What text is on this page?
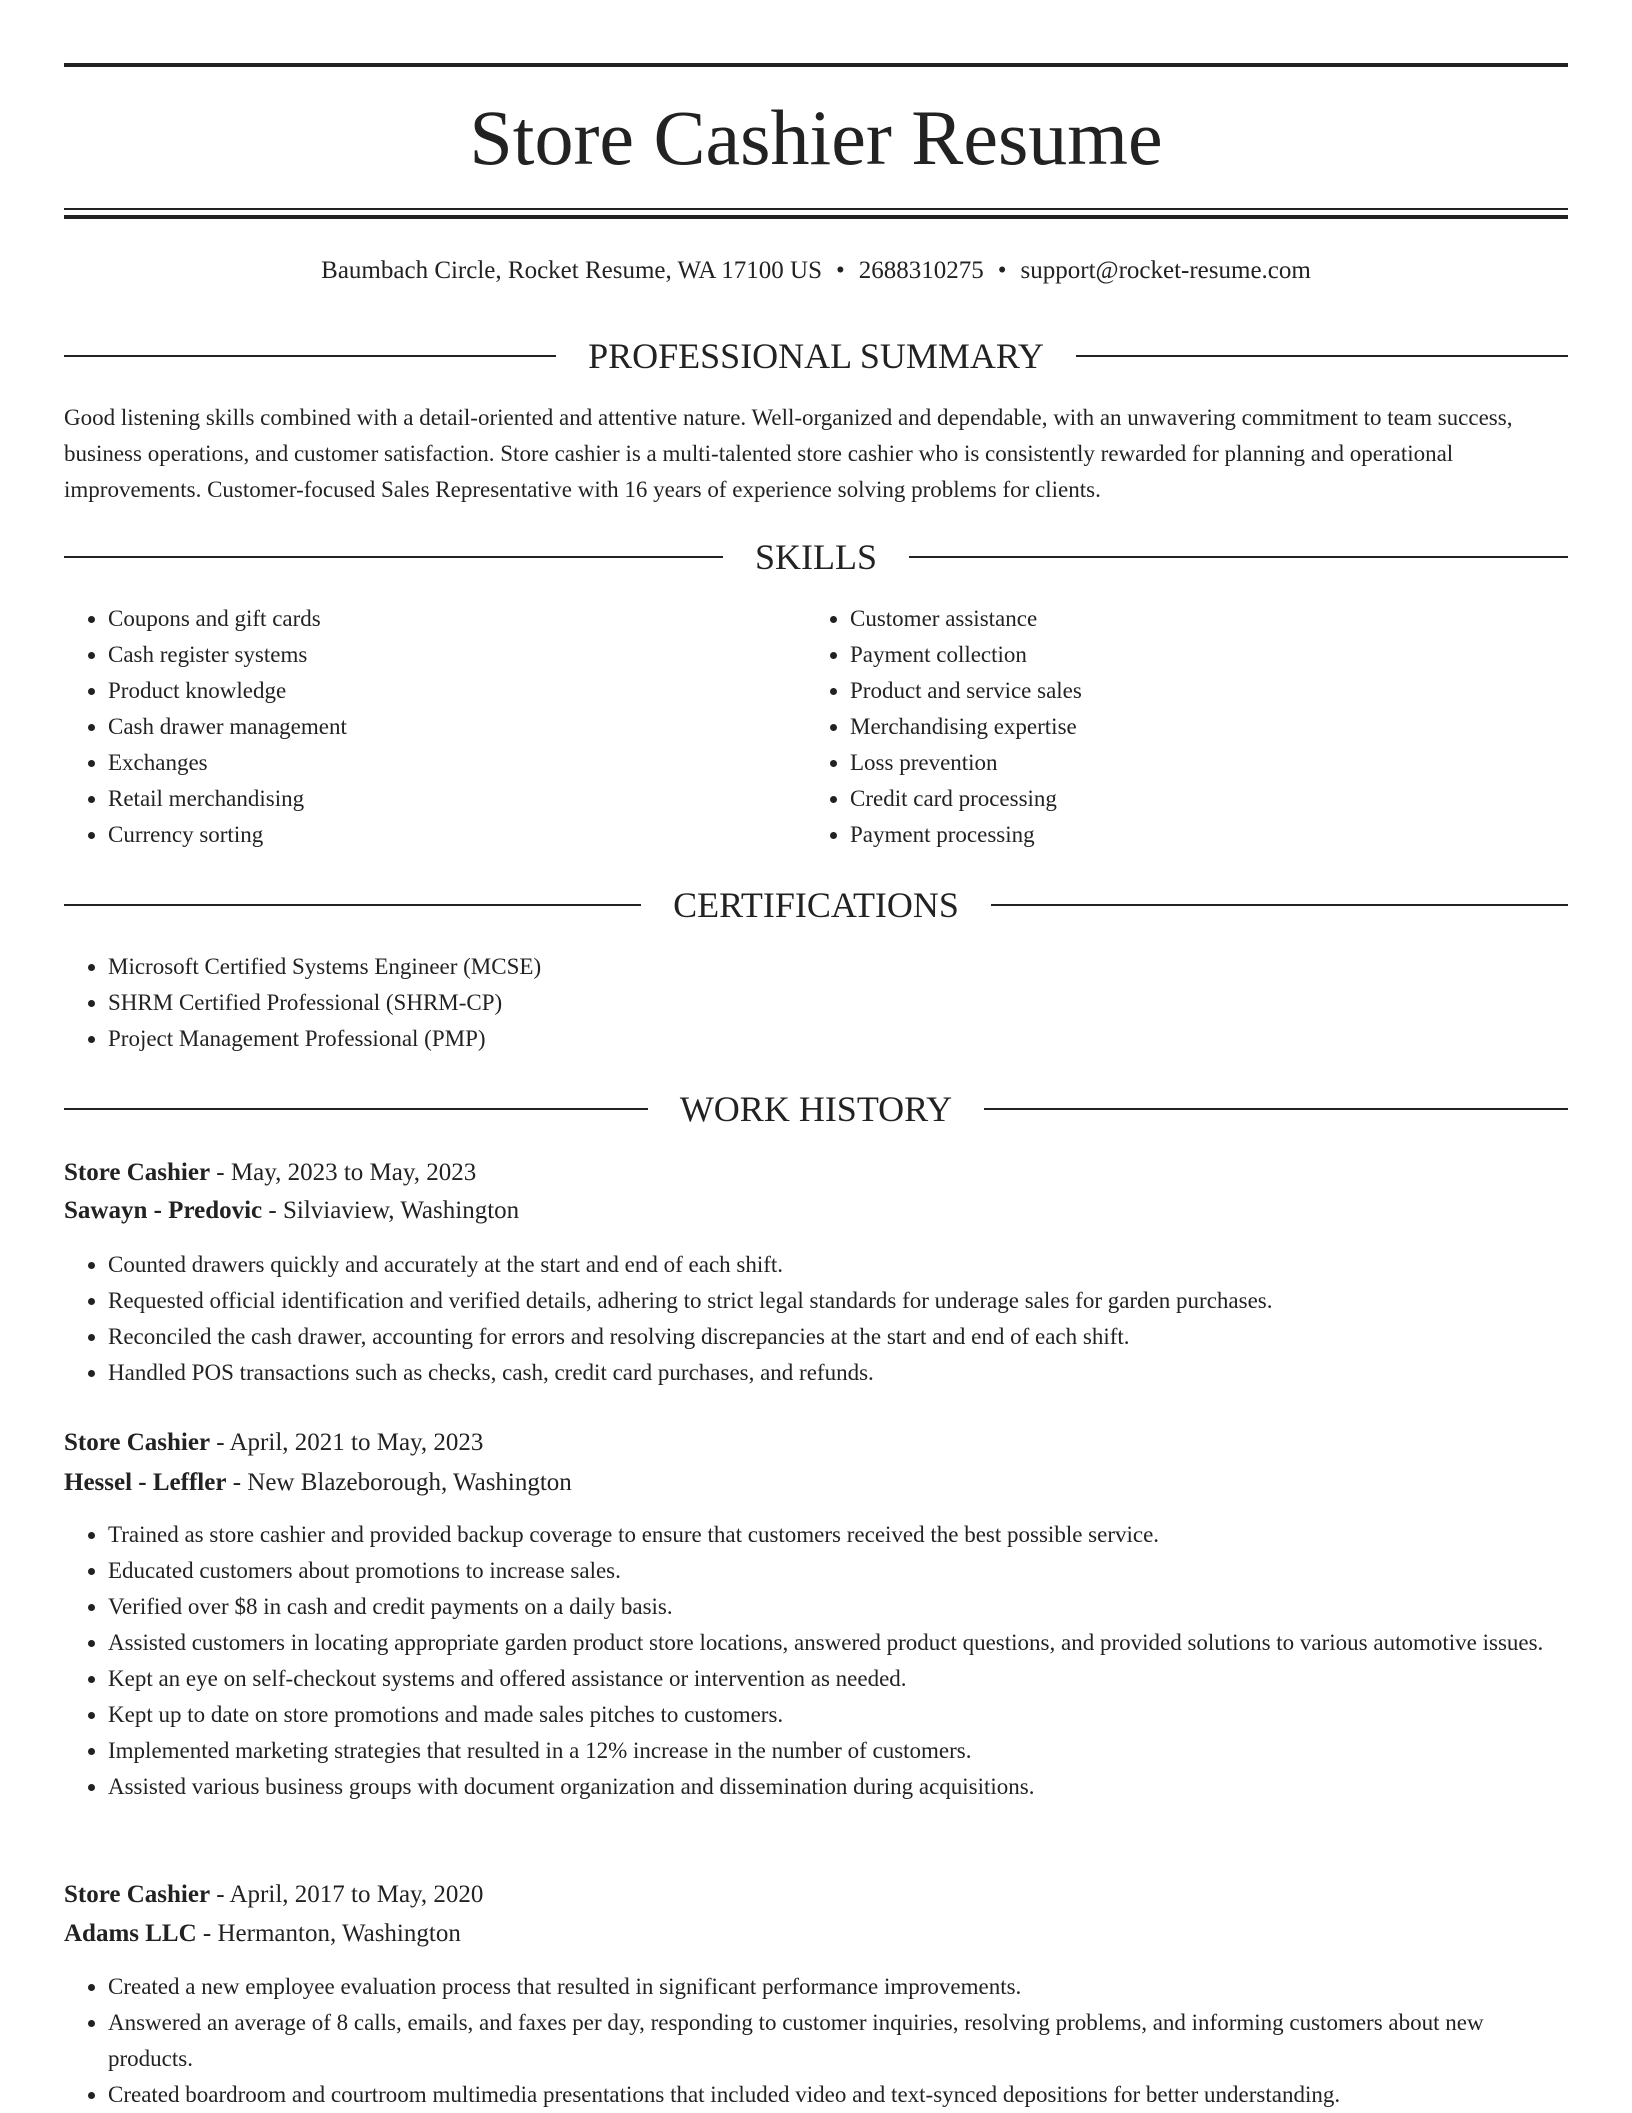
Store Cashier Resume
Baumbach Circle, Rocket Resume, WA 17100 US • 2688310275 • support@rocket-resume.com
PROFESSIONAL SUMMARY

Good listening skills combined with a detail-oriented and attentive nature. Well-organized and dependable, with an unwavering commitment to team success, business operations, and customer satisfaction. Store cashier is a multi-talented store cashier who is consistently rewarded for planning and operational improvements. Customer-focused Sales Representative with 16 years of experience solving problems for clients.

SKILLS
• Coupons and gift cards
• Cash register systems
• Product knowledge
• Cash drawer management
• Exchanges
• Retail merchandising
• Currency sorting
• Customer assistance
• Payment collection
• Product and service sales
• Merchandising expertise
• Loss prevention
• Credit card processing
• Payment processing
CERTIFICATIONS
• Microsoft Certified Systems Engineer (MCSE)
• SHRM Certified Professional (SHRM-CP)
• Project Management Professional (PMP)
WORK HISTORY
Store Cashier - May, 2023 to May, 2023
Sawayn - Predovic - Silviaview, Washington
• Counted drawers quickly and accurately at the start and end of each shift.
• Requested official identification and verified details, adhering to strict legal standards for underage sales for garden purchases.
• Reconciled the cash drawer, accounting for errors and resolving discrepancies at the start and end of each shift.
• Handled POS transactions such as checks, cash, credit card purchases, and refunds.
Store Cashier - April, 2021 to May, 2023
Hessel - Leffler - New Blazeborough, Washington
• Trained as store cashier and provided backup coverage to ensure that customers received the best possible service.
• Educated customers about promotions to increase sales.
• Verified over $8 in cash and credit payments on a daily basis.
• Assisted customers in locating appropriate garden product store locations, answered product questions, and provided solutions to various automotive issues.
• Kept an eye on self-checkout systems and offered assistance or intervention as needed.
• Kept up to date on store promotions and made sales pitches to customers.
• Implemented marketing strategies that resulted in a 12% increase in the number of customers.
• Assisted various business groups with document organization and dissemination during acquisitions.
Store Cashier - April, 2017 to May, 2020
Adams LLC - Hermanton, Washington
• Created a new employee evaluation process that resulted in significant performance improvements.
• Answered an average of 8 calls, emails, and faxes per day, responding to customer inquiries, resolving problems, and informing customers about new products.
• Created boardroom and courtroom multimedia presentations that included video and text-synced depositions for better understanding.
